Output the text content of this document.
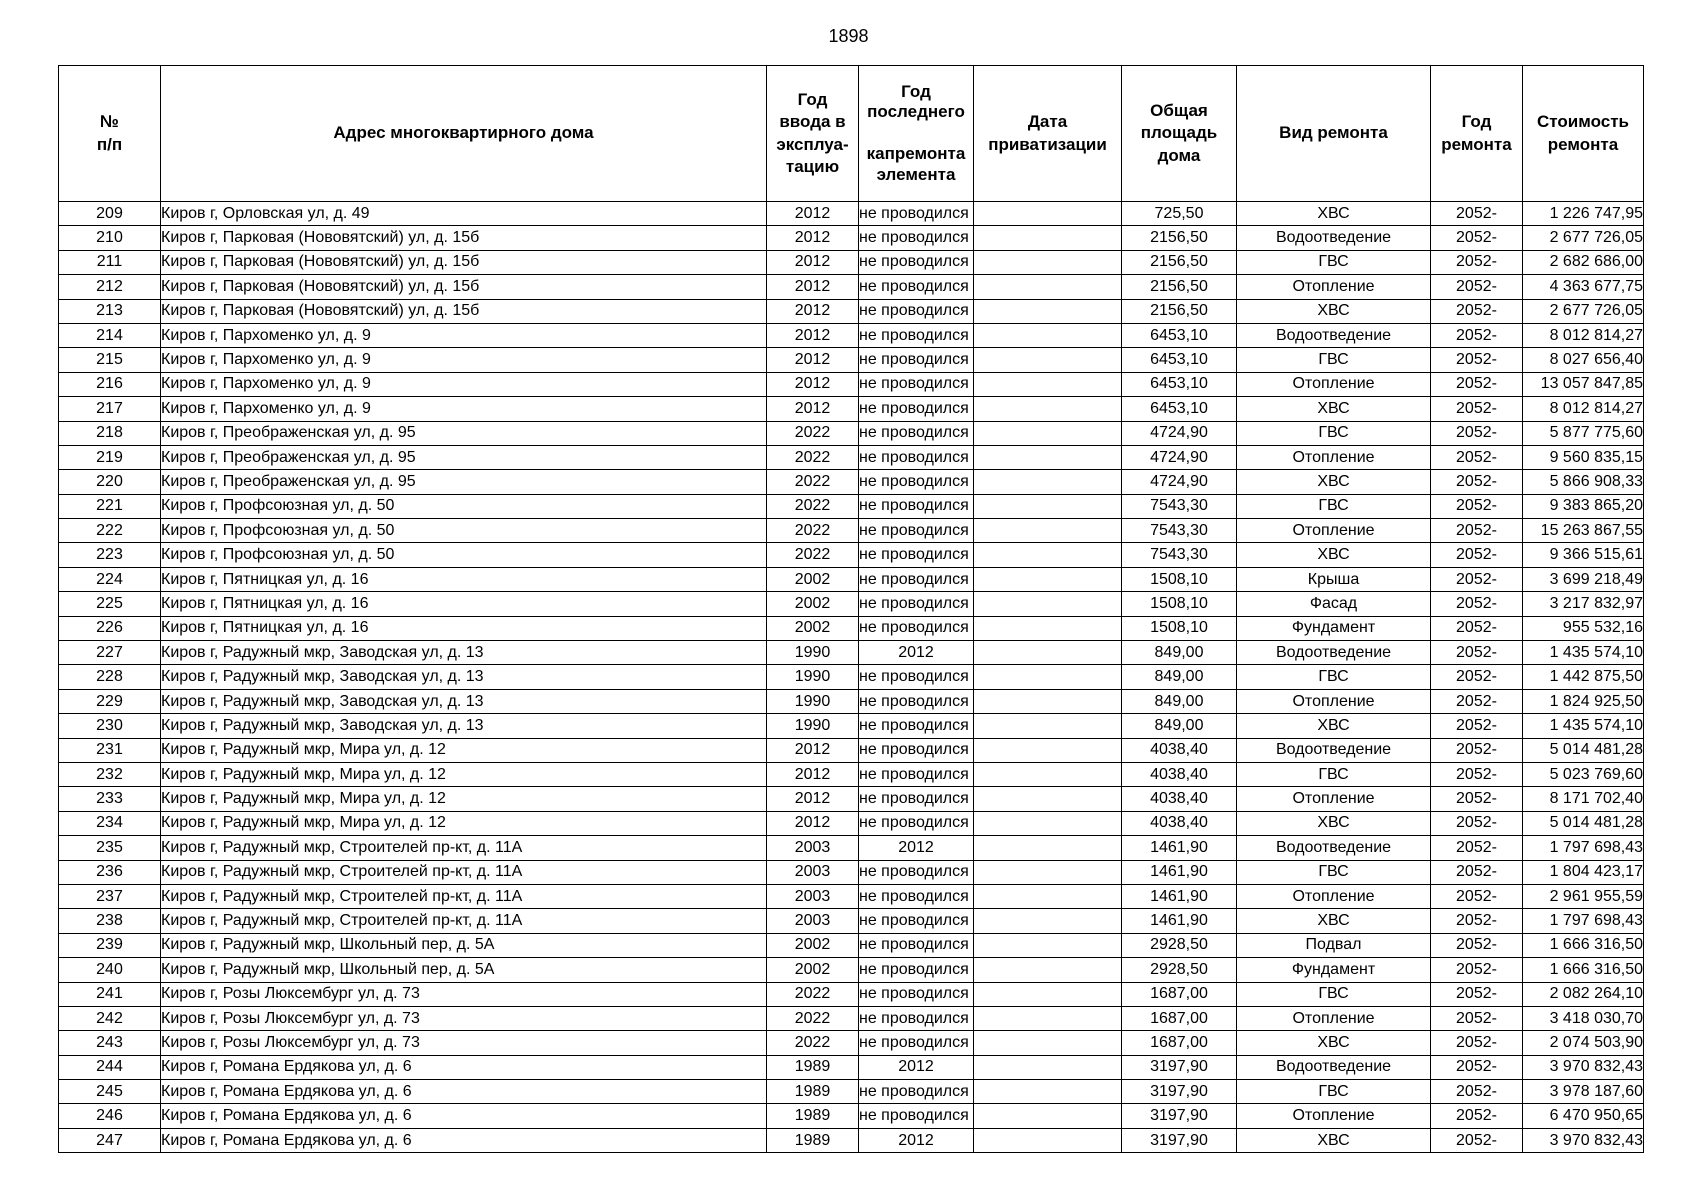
1898
№
п/п	Адрес многоквартирного дома	Год
вводa в
эксплуа-
тацию	Год
последнего

капремонта
элемента	Дата
приватизации	Общая
площадь
дома	Вид ремонта	Год
ремонта	Стоимость
ремонта
209	Киров г, Орловская ул, д. 49	2012	не проводился		725,50	ХВС	2052-	1 226 747,95
210	Киров г, Парковая (Нововятский) ул, д. 15б	2012	не проводился		2156,50	Водоотведение	2052-	2 677 726,05
211	Киров г, Парковая (Нововятский) ул, д. 15б	2012	не проводился		2156,50	ГВС	2052-	2 682 686,00
212	Киров г, Парковая (Нововятский) ул, д. 15б	2012	не проводился		2156,50	Отопление	2052-	4 363 677,75
213	Киров г, Парковая (Нововятский) ул, д. 15б	2012	не проводился		2156,50	ХВС	2052-	2 677 726,05
214	Киров г, Пархоменко ул, д. 9	2012	не проводился		6453,10	Водоотведение	2052-	8 012 814,27
215	Киров г, Пархоменко ул, д. 9	2012	не проводился		6453,10	ГВС	2052-	8 027 656,40
216	Киров г, Пархоменко ул, д. 9	2012	не проводился		6453,10	Отопление	2052-	13 057 847,85
217	Киров г, Пархоменко ул, д. 9	2012	не проводился		6453,10	ХВС	2052-	8 012 814,27
218	Киров г, Преображенская ул, д. 95	2022	не проводился		4724,90	ГВС	2052-	5 877 775,60
219	Киров г, Преображенская ул, д. 95	2022	не проводился		4724,90	Отопление	2052-	9 560 835,15
220	Киров г, Преображенская ул, д. 95	2022	не проводился		4724,90	ХВС	2052-	5 866 908,33
221	Киров г, Профсоюзная ул, д. 50	2022	не проводился		7543,30	ГВС	2052-	9 383 865,20
222	Киров г, Профсоюзная ул, д. 50	2022	не проводился		7543,30	Отопление	2052-	15 263 867,55
223	Киров г, Профсоюзная ул, д. 50	2022	не проводился		7543,30	ХВС	2052-	9 366 515,61
224	Киров г, Пятницкая ул, д. 16	2002	не проводился		1508,10	Крыша	2052-	3 699 218,49
225	Киров г, Пятницкая ул, д. 16	2002	не проводился		1508,10	Фасад	2052-	3 217 832,97
226	Киров г, Пятницкая ул, д. 16	2002	не проводился		1508,10	Фундамент	2052-	955 532,16
227	Киров г, Радужный мкр, Заводская ул, д. 13	1990	2012		849,00	Водоотведение	2052-	1 435 574,10
228	Киров г, Радужный мкр, Заводская ул, д. 13	1990	не проводился		849,00	ГВС	2052-	1 442 875,50
229	Киров г, Радужный мкр, Заводская ул, д. 13	1990	не проводился		849,00	Отопление	2052-	1 824 925,50
230	Киров г, Радужный мкр, Заводская ул, д. 13	1990	не проводился		849,00	ХВС	2052-	1 435 574,10
231	Киров г, Радужный мкр, Мира ул, д. 12	2012	не проводился		4038,40	Водоотведение	2052-	5 014 481,28
232	Киров г, Радужный мкр, Мира ул, д. 12	2012	не проводился		4038,40	ГВС	2052-	5 023 769,60
233	Киров г, Радужный мкр, Мира ул, д. 12	2012	не проводился		4038,40	Отопление	2052-	8 171 702,40
234	Киров г, Радужный мкр, Мира ул, д. 12	2012	не проводился		4038,40	ХВС	2052-	5 014 481,28
235	Киров г, Радужный мкр, Строителей пр-кт, д. 11А	2003	2012		1461,90	Водоотведение	2052-	1 797 698,43
236	Киров г, Радужный мкр, Строителей пр-кт, д. 11А	2003	не проводился		1461,90	ГВС	2052-	1 804 423,17
237	Киров г, Радужный мкр, Строителей пр-кт, д. 11А	2003	не проводился		1461,90	Отопление	2052-	2 961 955,59
238	Киров г, Радужный мкр, Строителей пр-кт, д. 11А	2003	не проводился		1461,90	ХВС	2052-	1 797 698,43
239	Киров г, Радужный мкр, Школьный пер, д. 5А	2002	не проводился		2928,50	Подвал	2052-	1 666 316,50
240	Киров г, Радужный мкр, Школьный пер, д. 5А	2002	не проводился		2928,50	Фундамент	2052-	1 666 316,50
241	Киров г, Розы Люксембург ул, д. 73	2022	не проводился		1687,00	ГВС	2052-	2 082 264,10
242	Киров г, Розы Люксембург ул, д. 73	2022	не проводился		1687,00	Отопление	2052-	3 418 030,70
243	Киров г, Розы Люксембург ул, д. 73	2022	не проводился		1687,00	ХВС	2052-	2 074 503,90
244	Киров г, Романа Ердякова ул, д. 6	1989	2012		3197,90	Водоотведение	2052-	3 970 832,43
245	Киров г, Романа Ердякова ул, д. 6	1989	не проводился		3197,90	ГВС	2052-	3 978 187,60
246	Киров г, Романа Ердякова ул, д. 6	1989	не проводился		3197,90	Отопление	2052-	6 470 950,65
247	Киров г, Романа Ердякова ул, д. 6	1989	2012		3197,90	ХВС	2052-	3 970 832,43
